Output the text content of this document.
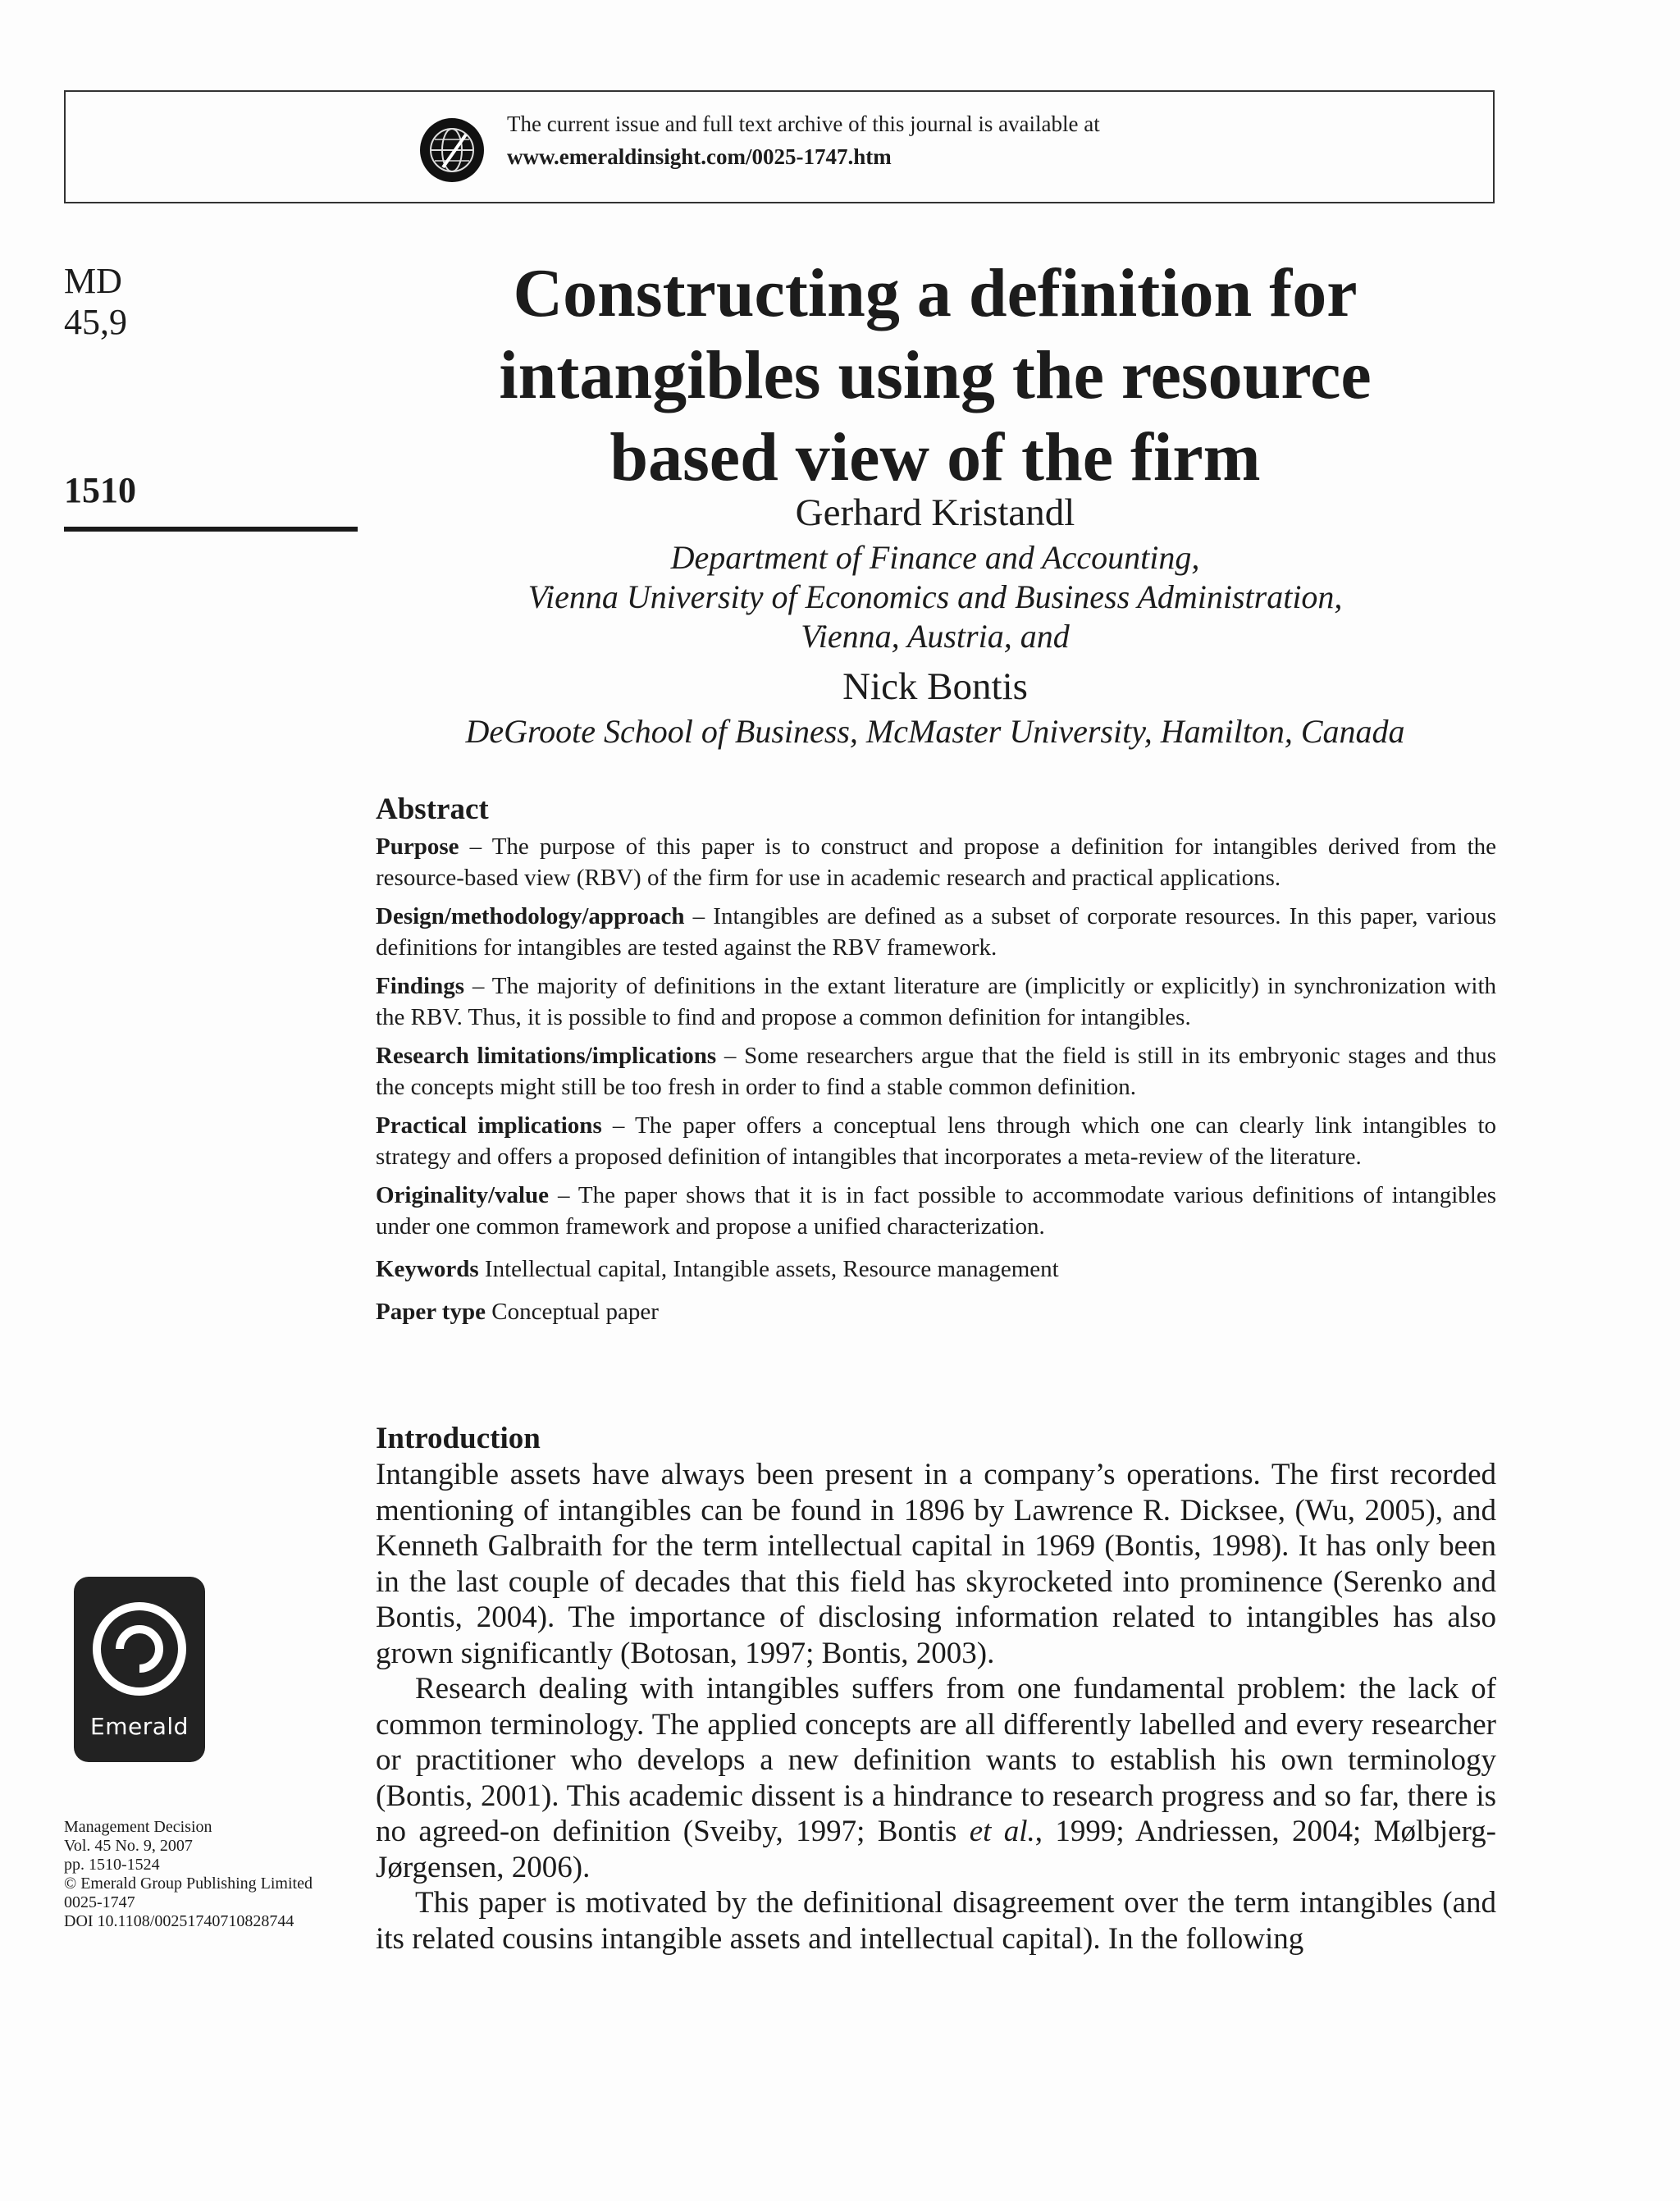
The current issue and full text archive of this journal is available at
www.emeraldinsight.com/0025-1747.htm
MD
45,9
1510
Emerald
Management Decision
Vol. 45 No. 9, 2007
pp. 1510-1524
© Emerald Group Publishing Limited
0025-1747
DOI 10.1108/00251740710828744
Constructing a definition for
intangibles using the resource
based view of the firm
Gerhard Kristandl
Department of Finance and Accounting,
Vienna University of Economics and Business Administration,
Vienna, Austria, and
Nick Bontis
DeGroote School of Business, McMaster University, Hamilton, Canada
Abstract

Purpose – The purpose of this paper is to construct and propose a definition for intangibles derived from the resource-based view (RBV) of the firm for use in academic research and practical applications.

Design/methodology/approach – Intangibles are defined as a subset of corporate resources. In this paper, various definitions for intangibles are tested against the RBV framework.

Findings – The majority of definitions in the extant literature are (implicitly or explicitly) in synchronization with the RBV. Thus, it is possible to find and propose a common definition for intangibles.

Research limitations/implications – Some researchers argue that the field is still in its embryonic stages and thus the concepts might still be too fresh in order to find a stable common definition.

Practical implications – The paper offers a conceptual lens through which one can clearly link intangibles to strategy and offers a proposed definition of intangibles that incorporates a meta-review of the literature.

Originality/value – The paper shows that it is in fact possible to accommodate various definitions of intangibles under one common framework and propose a unified characterization.

Keywords Intellectual capital, Intangible assets, Resource management

Paper type Conceptual paper

Introduction

Intangible assets have always been present in a company’s operations. The first recorded mentioning of intangibles can be found in 1896 by Lawrence R. Dicksee, (Wu, 2005), and Kenneth Galbraith for the term intellectual capital in 1969 (Bontis, 1998). It has only been in the last couple of decades that this field has skyrocketed into prominence (Serenko and Bontis, 2004). The importance of disclosing information related to intangibles has also grown significantly (Botosan, 1997; Bontis, 2003).

Research dealing with intangibles suffers from one fundamental problem: the lack of common terminology. The applied concepts are all differently labelled and every researcher or practitioner who develops a new definition wants to establish his own terminology (Bontis, 2001). This academic dissent is a hindrance to research progress and so far, there is no agreed-on definition (Sveiby, 1997; Bontis et al., 1999; Andriessen, 2004; Mølbjerg-Jørgensen, 2006).

This paper is motivated by the definitional disagreement over the term intangibles (and its related cousins intangible assets and intellectual capital). In the following
